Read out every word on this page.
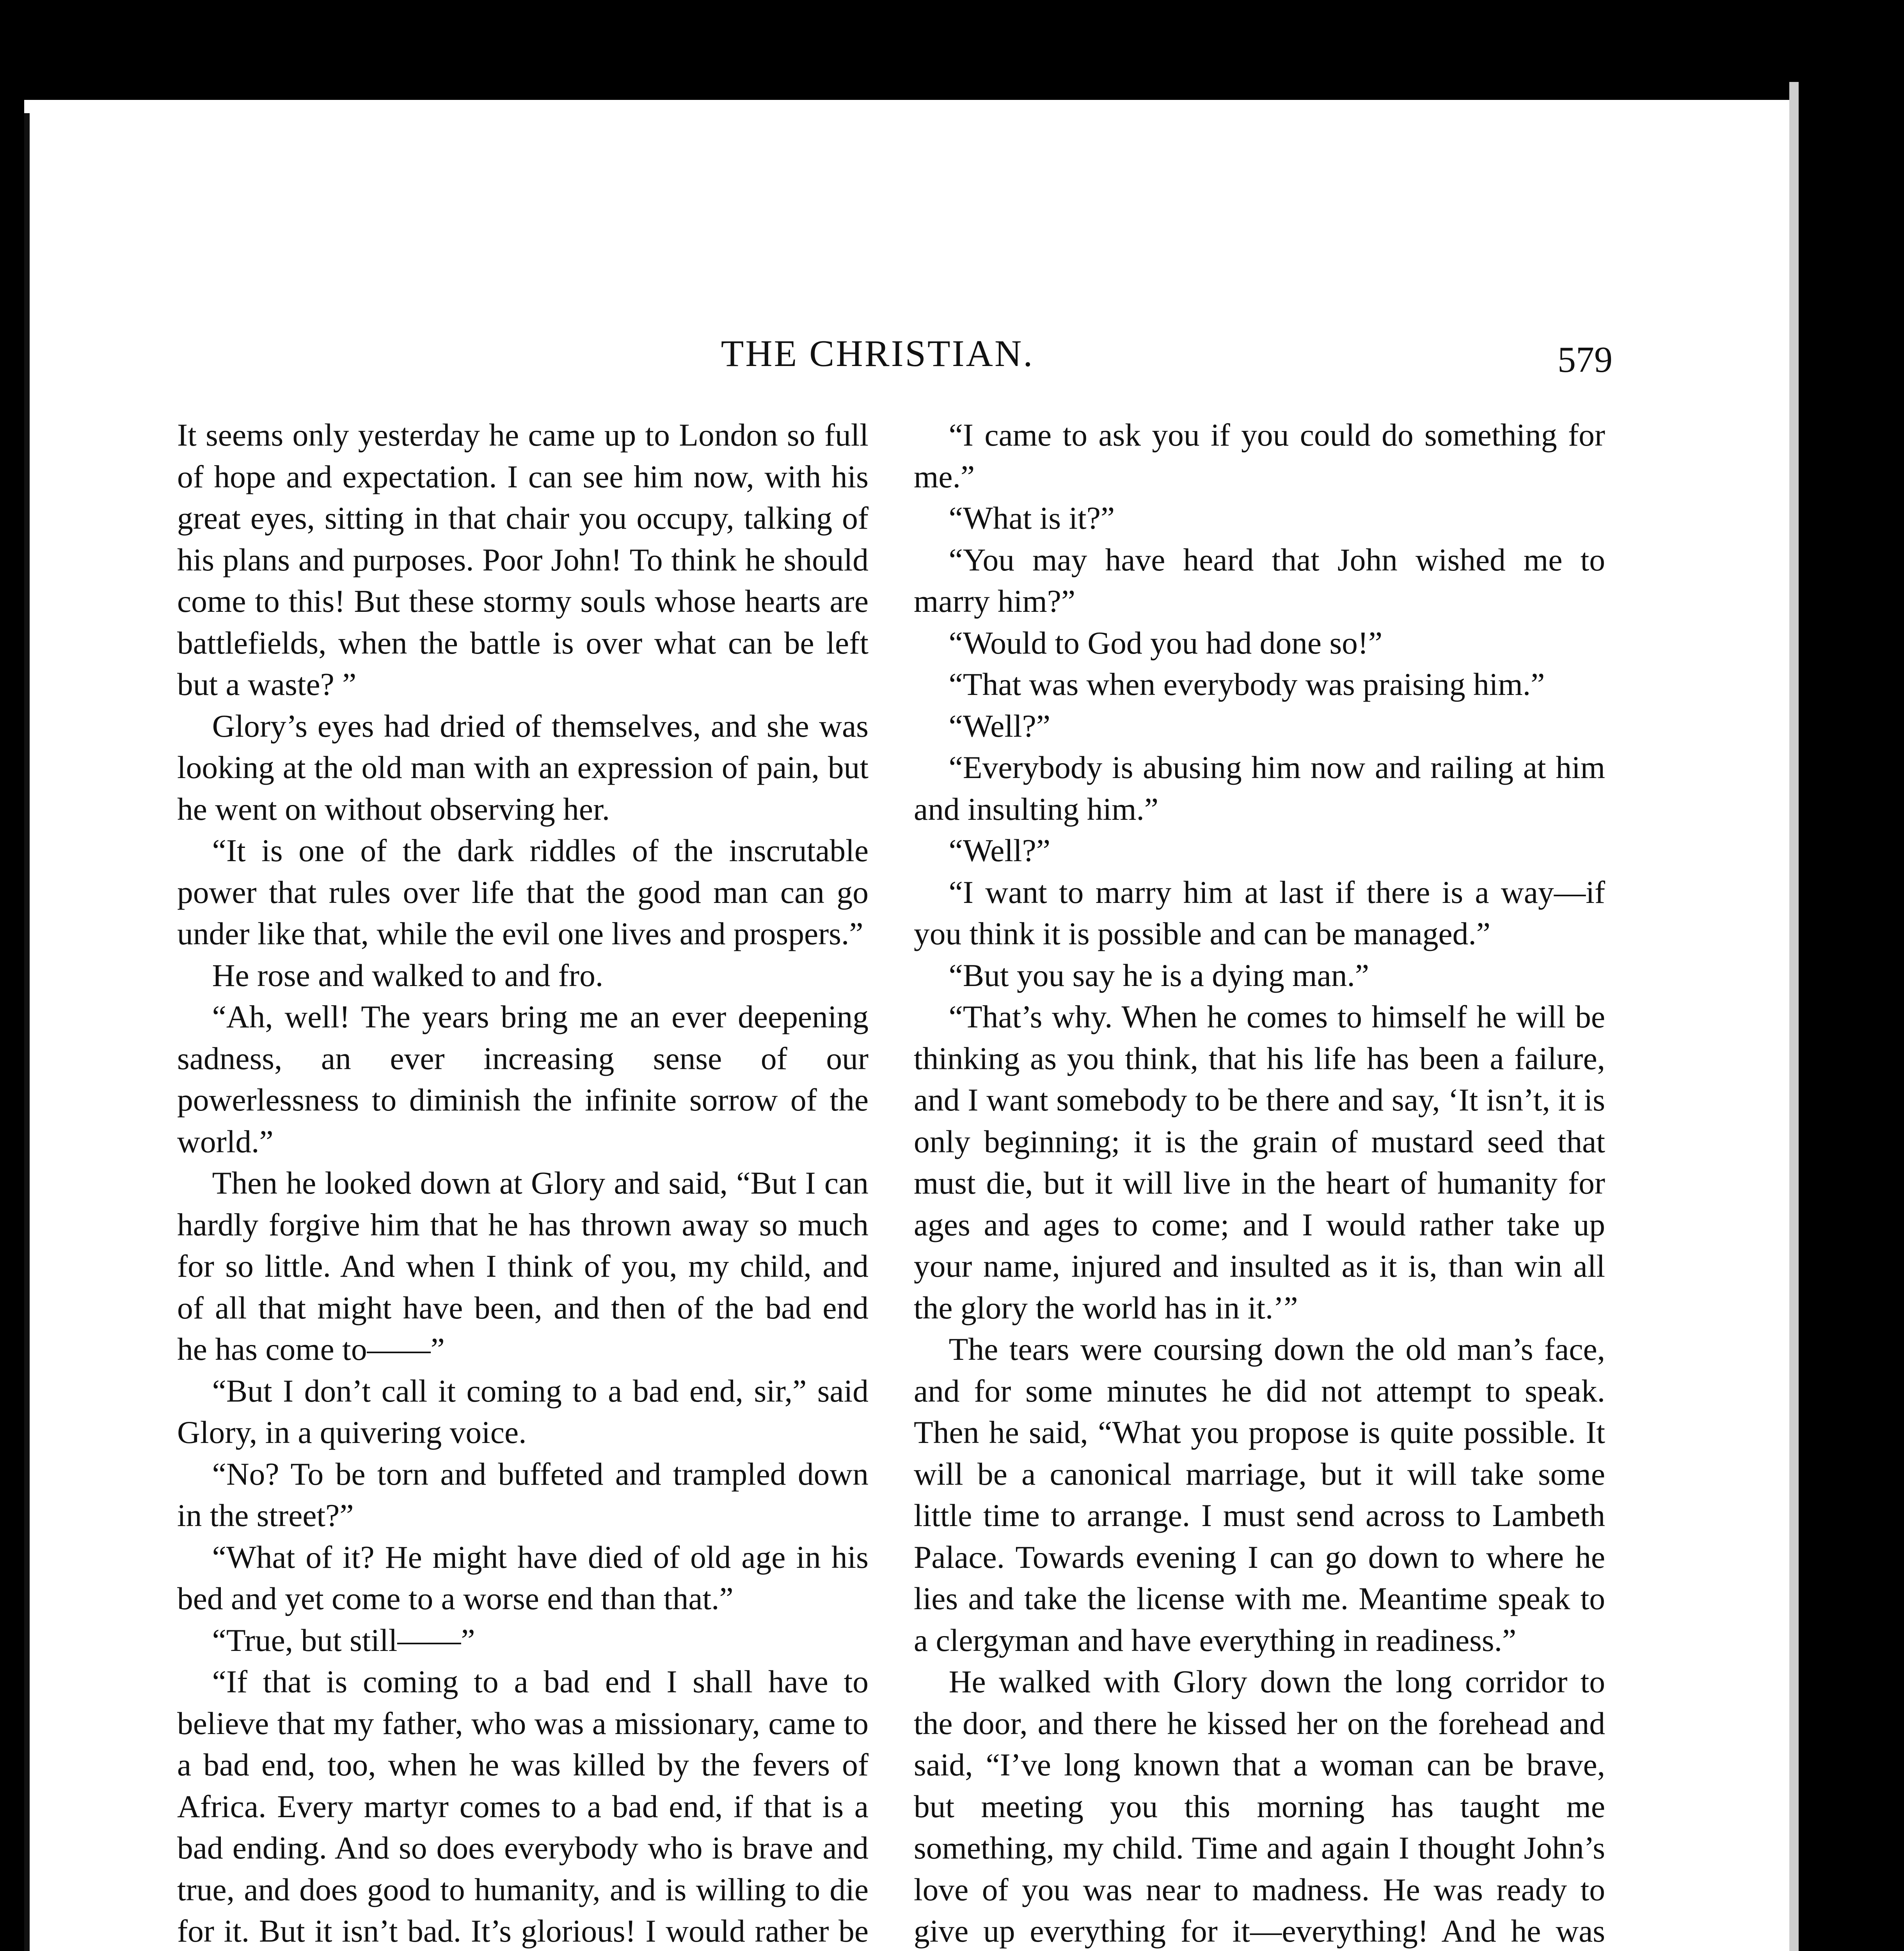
THE CHRISTIAN.	579

It seems only yesterday he came up to London so full of hope and expectation. I can see him now, with his great eyes, sitting in that chair you occupy, talking of his plans and purposes. Poor John! To think he should come to this! But these stormy souls whose hearts are battlefields, when the battle is over what can be left but a waste? ”

Glory’s eyes had dried of themselves, and she was looking at the old man with an expression of pain, but he went on without observing her.

“It is one of the dark riddles of the inscrutable power that rules over life that the good man can go under like that, while the evil one lives and prospers.”

He rose and walked to and fro.

“Ah, well! The years bring me an ever deepening sadness, an ever increasing sense of our powerlessness to diminish the infinite sorrow of the world.”

Then he looked down at Glory and said, “But I can hardly forgive him that he has thrown away so much for so little. And when I think of you, my child, and of all that might have been, and then of the bad end he has come to——”

“But I don’t call it coming to a bad end, sir,” said Glory, in a quivering voice.

“No? To be torn and buffeted and trampled down in the street?”

“What of it? He might have died of old age in his bed and yet come to a worse end than that.”

“True, but still——”

“If that is coming to a bad end I shall have to believe that my father, who was a missionary, came to a bad end, too, when he was killed by the fevers of Africa. Every martyr comes to a bad end, if that is a bad ending. And so does everybody who is brave and true, and does good to humanity, and is willing to die for it. But it isn’t bad. It’s glorious! I would rather be

“I came to ask you if you could do something for me.”

“What is it?”

“You may have heard that John wished me to marry him?”

“Would to God you had done so!”

“That was when everybody was praising him.”

“Well?”

“Everybody is abusing him now and railing at him and insulting him.”

“Well?”

“I want to marry him at last if there is a way—if you think it is possible and can be managed.”

“But you say he is a dying man.”

“That’s why. When he comes to himself he will be thinking as you think, that his life has been a failure, and I want somebody to be there and say, ‘It isn’t, it is only beginning; it is the grain of mustard seed that must die, but it will live in the heart of humanity for ages and ages to come; and I would rather take up your name, injured and insulted as it is, than win all the glory the world has in it.’”

The tears were coursing down the old man’s face, and for some minutes he did not attempt to speak. Then he said, “What you propose is quite possible. It will be a canonical marriage, but it will take some little time to arrange. I must send across to Lambeth Palace. Towards evening I can go down to where he lies and take the license with me. Meantime speak to a clergyman and have everything in readiness.”

He walked with Glory down the long corridor to the door, and there he kissed her on the forehead and said, “I’ve long known that a woman can be brave, but meeting you this morning has taught me something, my child. Time and again I thought John’s love of you was near to madness. He was ready to give up everything for it—everything! And he was
